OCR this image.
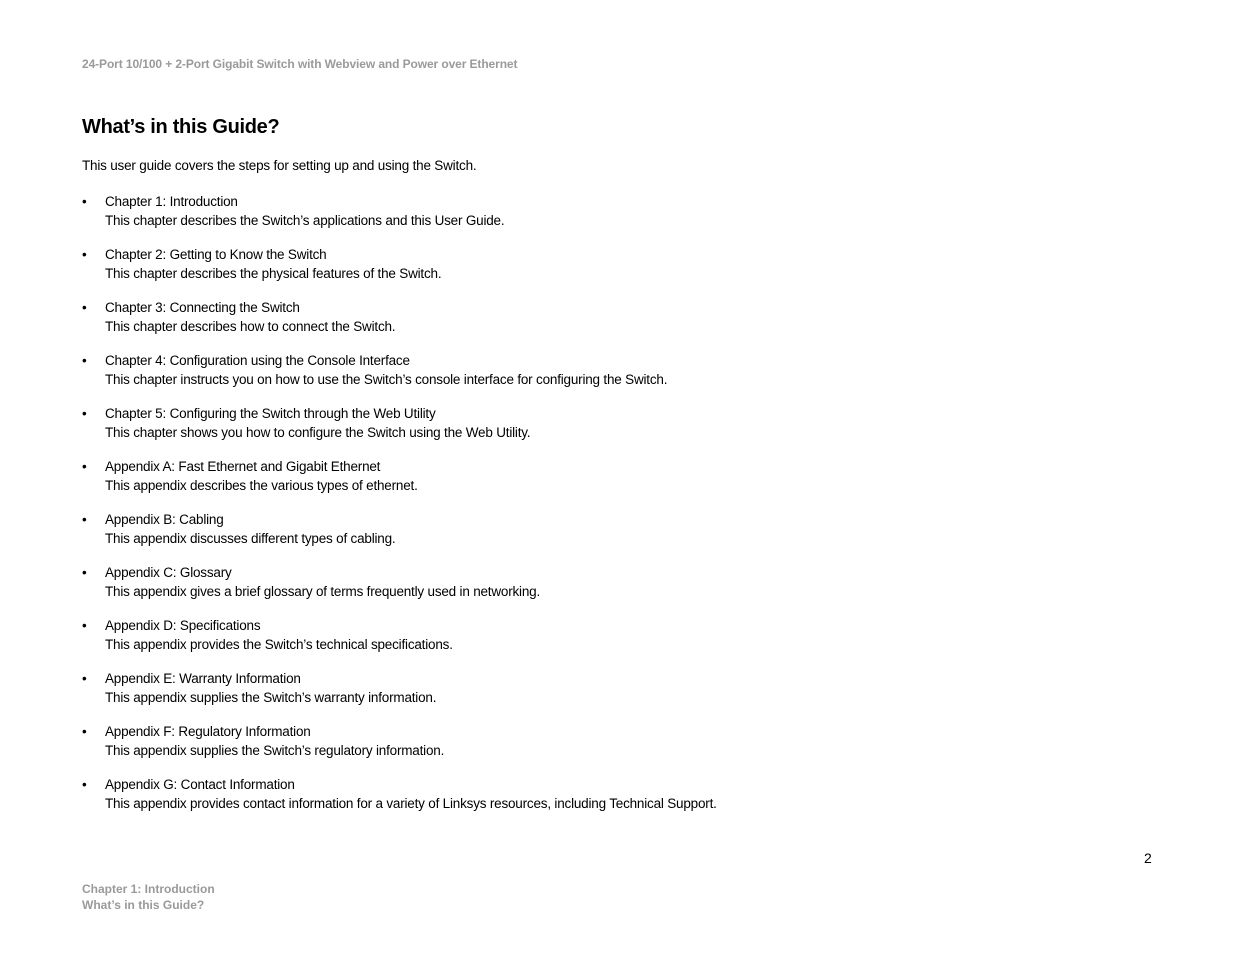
24-Port 10/100 + 2-Port Gigabit Switch with Webview and Power over Ethernet
What’s in this Guide?

This user guide covers the steps for setting up and using the Switch.

• Chapter 1: Introduction
This chapter describes the Switch’s applications and this User Guide.
• Chapter 2: Getting to Know the Switch
This chapter describes the physical features of the Switch.
• Chapter 3: Connecting the Switch
This chapter describes how to connect the Switch.
• Chapter 4: Configuration using the Console Interface
This chapter instructs you on how to use the Switch’s console interface for configuring the Switch.
• Chapter 5: Configuring the Switch through the Web Utility
This chapter shows you how to configure the Switch using the Web Utility.
• Appendix A: Fast Ethernet and Gigabit Ethernet
This appendix describes the various types of ethernet.
• Appendix B: Cabling
This appendix discusses different types of cabling.
• Appendix C: Glossary
This appendix gives a brief glossary of terms frequently used in networking.
• Appendix D: Specifications
This appendix provides the Switch’s technical specifications.
• Appendix E: Warranty Information
This appendix supplies the Switch’s warranty information.
• Appendix F: Regulatory Information
This appendix supplies the Switch’s regulatory information.
• Appendix G: Contact Information
This appendix provides contact information for a variety of Linksys resources, including Technical Support.
2
Chapter 1: Introduction
What’s in this Guide?
